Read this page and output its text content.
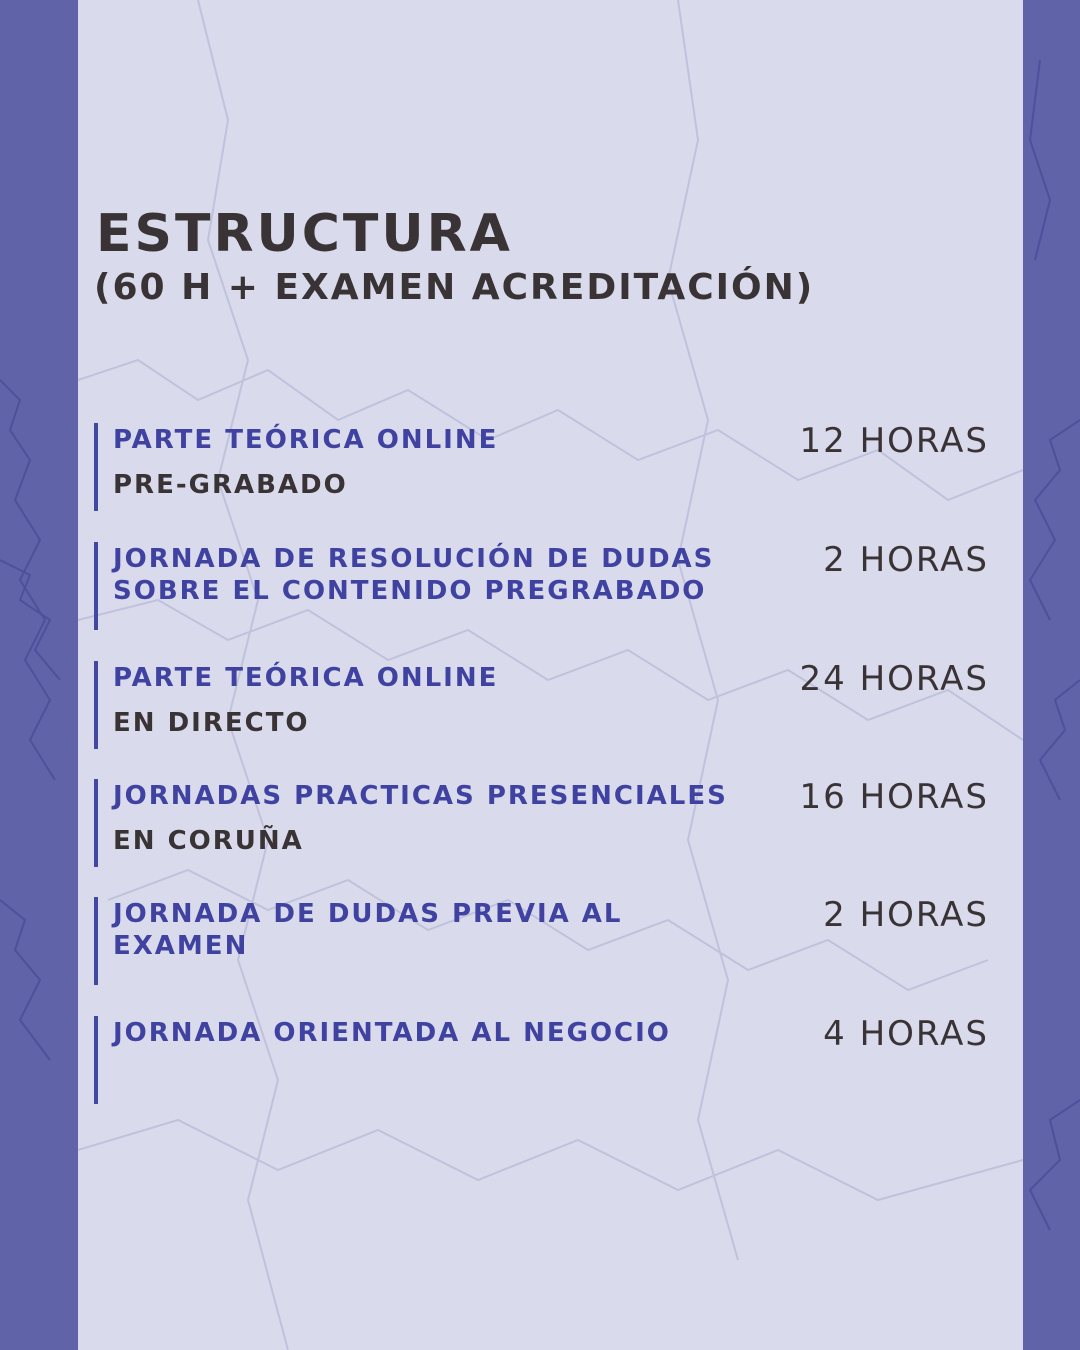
ESTRUCTURA
(60 H + EXAMEN ACREDITACIÓN)
PARTE TEÓRICA ONLINE
PRE-GRABADO
12 HORAS
JORNADA DE RESOLUCIÓN DE DUDAS SOBRE EL CONTENIDO PREGRABADO
2 HORAS
PARTE TEÓRICA ONLINE
EN DIRECTO
24 HORAS
JORNADAS PRACTICAS PRESENCIALES
EN CORUÑA
16 HORAS
JORNADA DE DUDAS PREVIA AL EXAMEN
2 HORAS
JORNADA ORIENTADA AL NEGOCIO	4 HORAS
